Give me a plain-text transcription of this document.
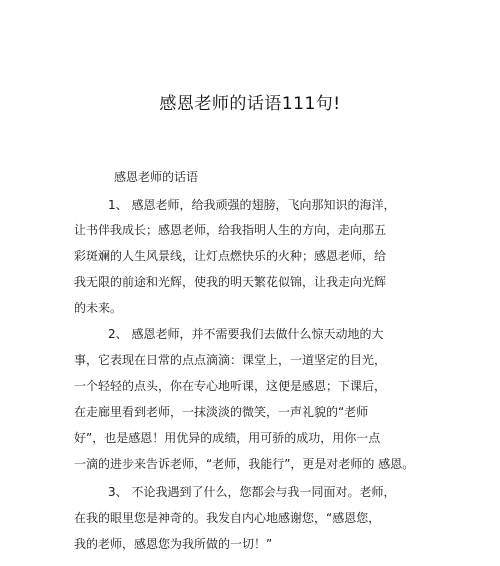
感恩老师的话语111句!
感恩老师的话语
1、 感恩老师，给我顽强的翅膀，飞向那知识的海洋，
让书伴我成长；感恩老师，给我指明人生的方向，走向那五
彩斑斓的人生风景线，让灯点燃快乐的火种；感恩老师，给
我无限的前途和光辉，使我的明天繁花似锦，让我走向光辉
的未来。
2、 感恩老师，并不需要我们去做什么惊天动地的大
事，它表现在日常的点点滴滴：课堂上，一道坚定的目光，
一个轻轻的点头，你在专心地听课，这便是感恩；下课后，
在走廊里看到老师，一抹淡淡的微笑，一声礼貌的“老师
好”，也是感恩！用优异的成绩，用可骄的成功，用你一点
一滴的进步来告诉老师，“老师，我能行”，更是对老师的 感恩。
3、 不论我遇到了什么，您都会与我一同面对。老师，
在我的眼里您是神奇的。我发自内心地感谢您，“感恩您，
我的老师，感恩您为我所做的一切！”
